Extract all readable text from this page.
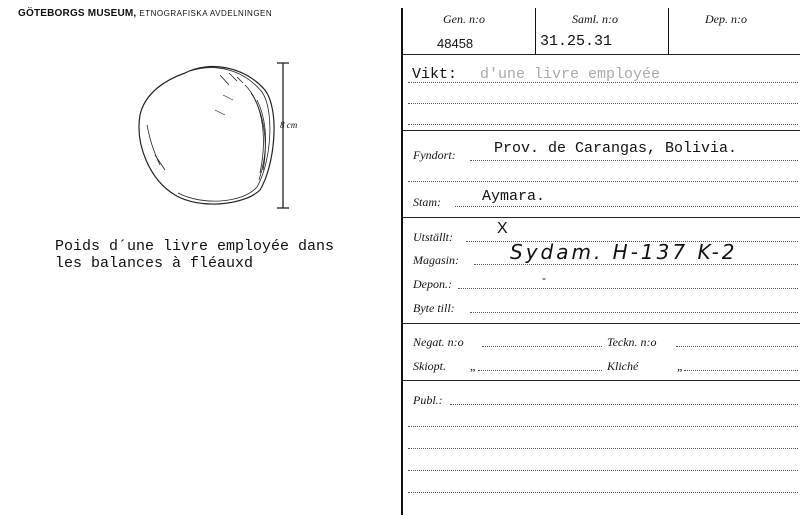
GÖTEBORGS MUSEUM, ETNOGRAFISKA AVDELNINGEN
8 cm
Poids d´une livre employée dans
les balances à fléauxd
Gen. n:o
48458
Saml. n:o
31.25.31
Dep. n:o
Vikt: d'une livre employée
Fyndort:	Prov. de Carangas, Bolivia.
Stam:	Aymara.
Utställt:	X
Magasin:	Sydam. H-137 K-2
Depon.:	-
Byte till:
Negat. n:o	Teckn. n:o
Skiopt. „	Kliché	„
Publ.:
